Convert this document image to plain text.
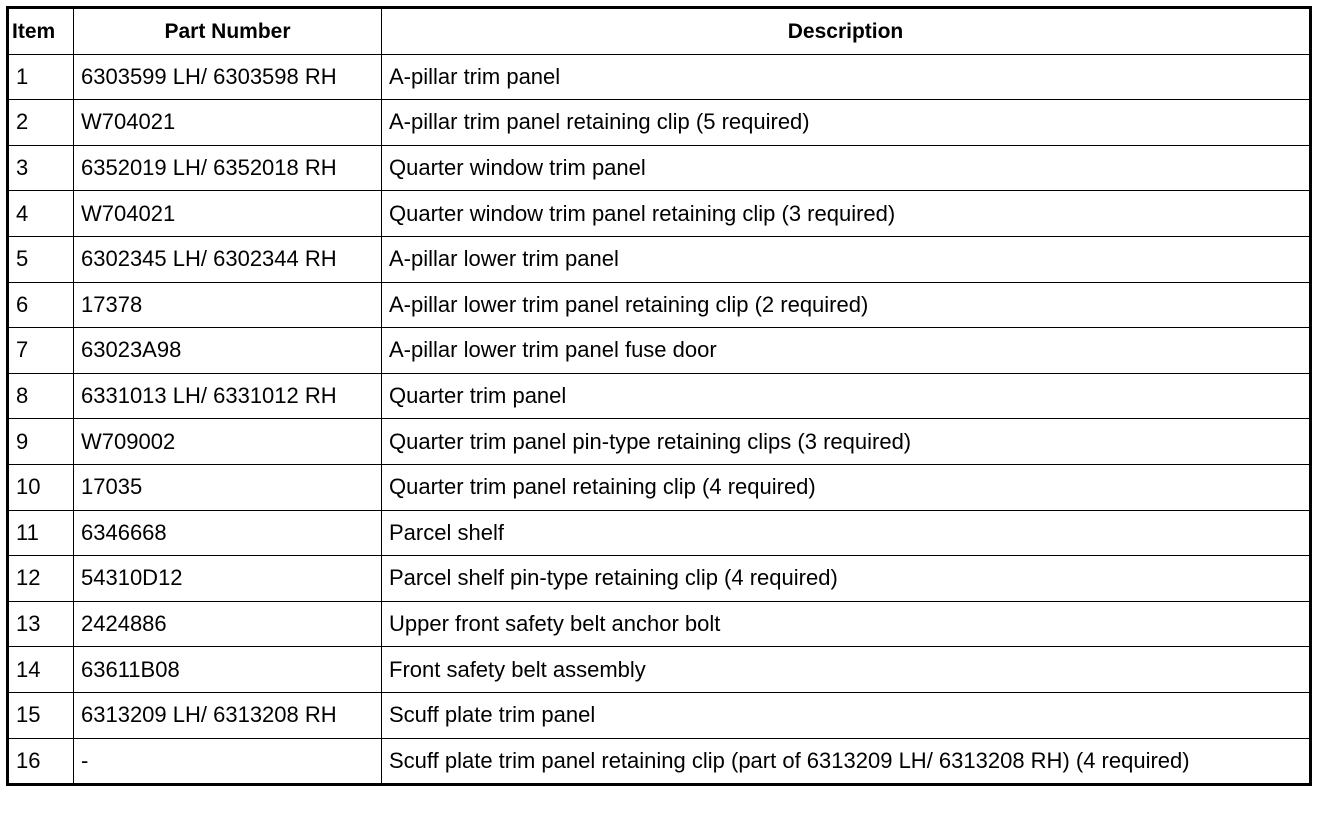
Item	Part Number	Description
1	6303599 LH/ 6303598 RH	A-pillar trim panel
2	W704021	A-pillar trim panel retaining clip (5 required)
3	6352019 LH/ 6352018 RH	Quarter window trim panel
4	W704021	Quarter window trim panel retaining clip (3 required)
5	6302345 LH/ 6302344 RH	A-pillar lower trim panel
6	17378	A-pillar lower trim panel retaining clip (2 required)
7	63023A98	A-pillar lower trim panel fuse door
8	6331013 LH/ 6331012 RH	Quarter trim panel
9	W709002	Quarter trim panel pin-type retaining clips (3 required)
10	17035	Quarter trim panel retaining clip (4 required)
11	6346668	Parcel shelf
12	54310D12	Parcel shelf pin-type retaining clip (4 required)
13	2424886	Upper front safety belt anchor bolt
14	63611B08	Front safety belt assembly
15	6313209 LH/ 6313208 RH	Scuff plate trim panel
16	-	Scuff plate trim panel retaining clip (part of 6313209 LH/ 6313208 RH) (4 required)
